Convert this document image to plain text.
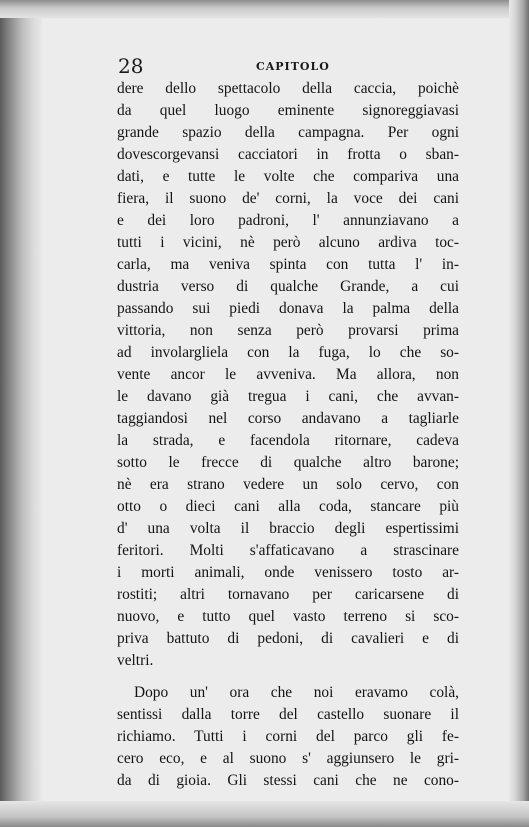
28	CAPITOLO
dere dello spettacolo della caccia, poichè
da quel luogo eminente signoreggiavasi
grande spazio della campagna. Per ogni
dovescorgevansi cacciatori in frotta o sban-
dati, e tutte le volte che compariva una
fiera, il suono de' corni, la voce dei cani
e dei loro padroni, l' annunziavano a
tutti i vicini, nè però alcuno ardiva toc-
carla, ma veniva spinta con tutta l' in-
dustria verso di qualche Grande, a cui
passando sui piedi donava la palma della
vittoria, non senza però provarsi prima
ad involargliela con la fuga, lo che so-
vente ancor le avveniva. Ma allora, non
le davano già tregua i cani, che avvan-
taggiandosi nel corso andavano a tagliarle
la strada, e facendola ritornare, cadeva
sotto le frecce di qualche altro barone;
nè era strano vedere un solo cervo, con
otto o dieci cani alla coda, stancare più
d' una volta il braccio degli espertissimi
feritori. Molti s'affaticavano a strascinare
i morti animali, onde venissero tosto ar-
rostiti; altri tornavano per caricarsene di
nuovo, e tutto quel vasto terreno si sco-
priva battuto di pedoni, di cavalieri e di
veltri.
Dopo un' ora che noi eravamo colà,
sentissi dalla torre del castello suonare il
richiamo. Tutti i corni del parco gli fe-
cero eco, e al suono s' aggiunsero le gri-
da di gioia. Gli stessi cani che ne cono-
